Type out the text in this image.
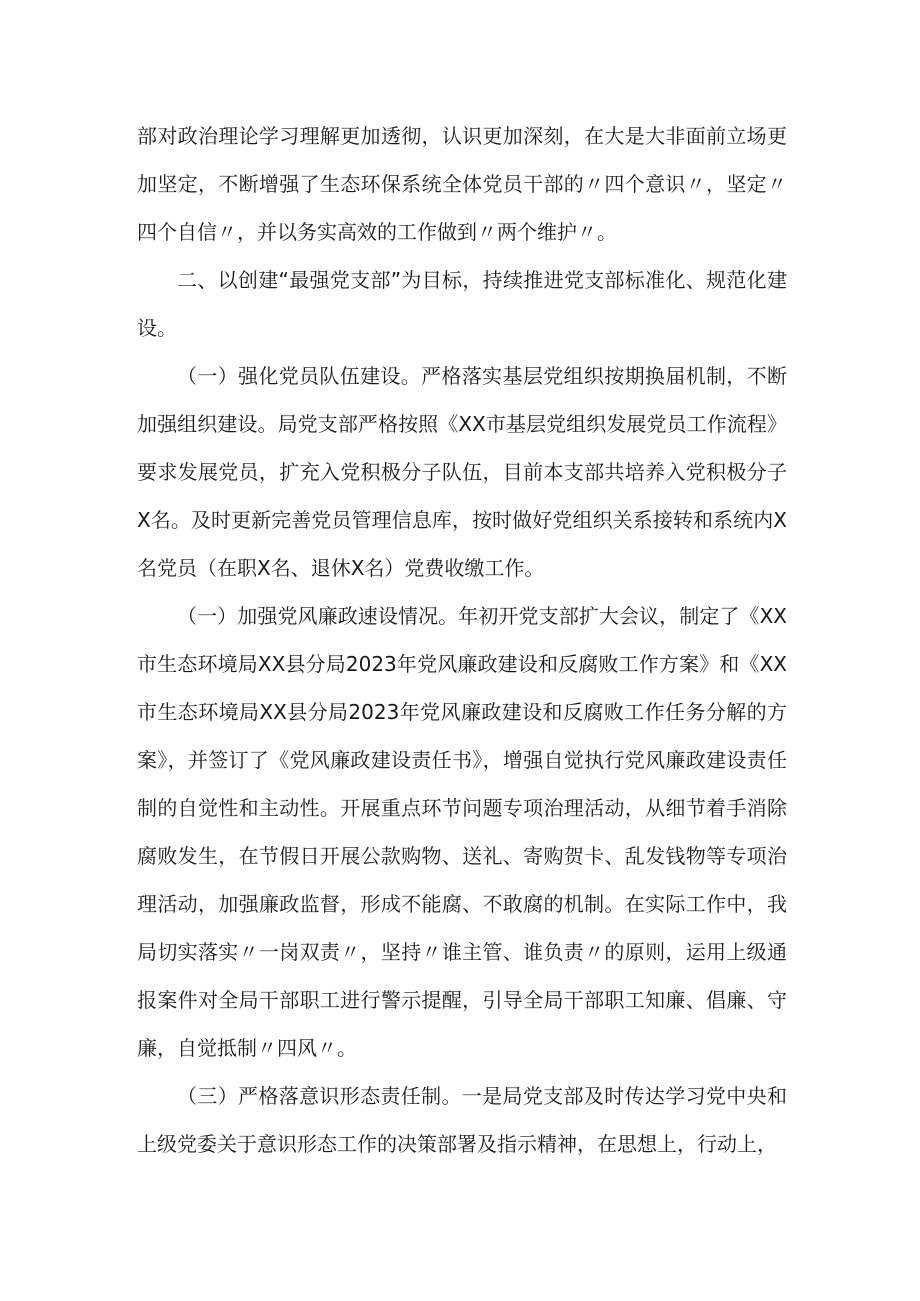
部对政治理论学习理解更加透彻，认识更加深刻，在大是大非面前立场更加坚定，不断增强了生态环保系统全体党员干部的〃四个意识〃，坚定〃四个自信〃，并以务实高效的工作做到〃两个维护〃。

二、以创建“最强党支部”为目标，持续推进党支部标准化、规范化建设。

（一）强化党员队伍建设。严格落实基层党组织按期换届机制，不断加强组织建设。局党支部严格按照《XX市基层党组织发展党员工作流程》要求发展党员，扩充入党积极分子队伍，目前本支部共培养入党积极分子X名。及时更新完善党员管理信息库，按时做好党组织关系接转和系统内X名党员（在职X名、退休X名）党费收缴工作。

（一）加强党风廉政速设情况。年初开党支部扩大会议，制定了《XX市生态环境局XX县分局2023年党风廉政建设和反腐败工作方案》和《XX市生态环境局XX县分局2023年党风廉政建设和反腐败工作任务分解的方案》，并签订了《党风廉政建设责任书》，增强自觉执行党风廉政建设责任制的自觉性和主动性。开展重点环节问题专项治理活动，从细节着手消除腐败发生，在节假日开展公款购物、送礼、寄购贺卡、乱发钱物等专项治理活动，加强廉政监督，形成不能腐、不敢腐的机制。在实际工作中，我局切实落实〃一岗双责〃，坚持〃谁主管、谁负责〃的原则，运用上级通报案件对全局干部职工进行警示提醒，引导全局干部职工知廉、倡廉、守廉，自觉抵制〃四风〃。

（三）严格落意识形态责任制。一是局党支部及时传达学习党中央和上级党委关于意识形态工作的决策部署及指示精神，在思想上，行动上，
